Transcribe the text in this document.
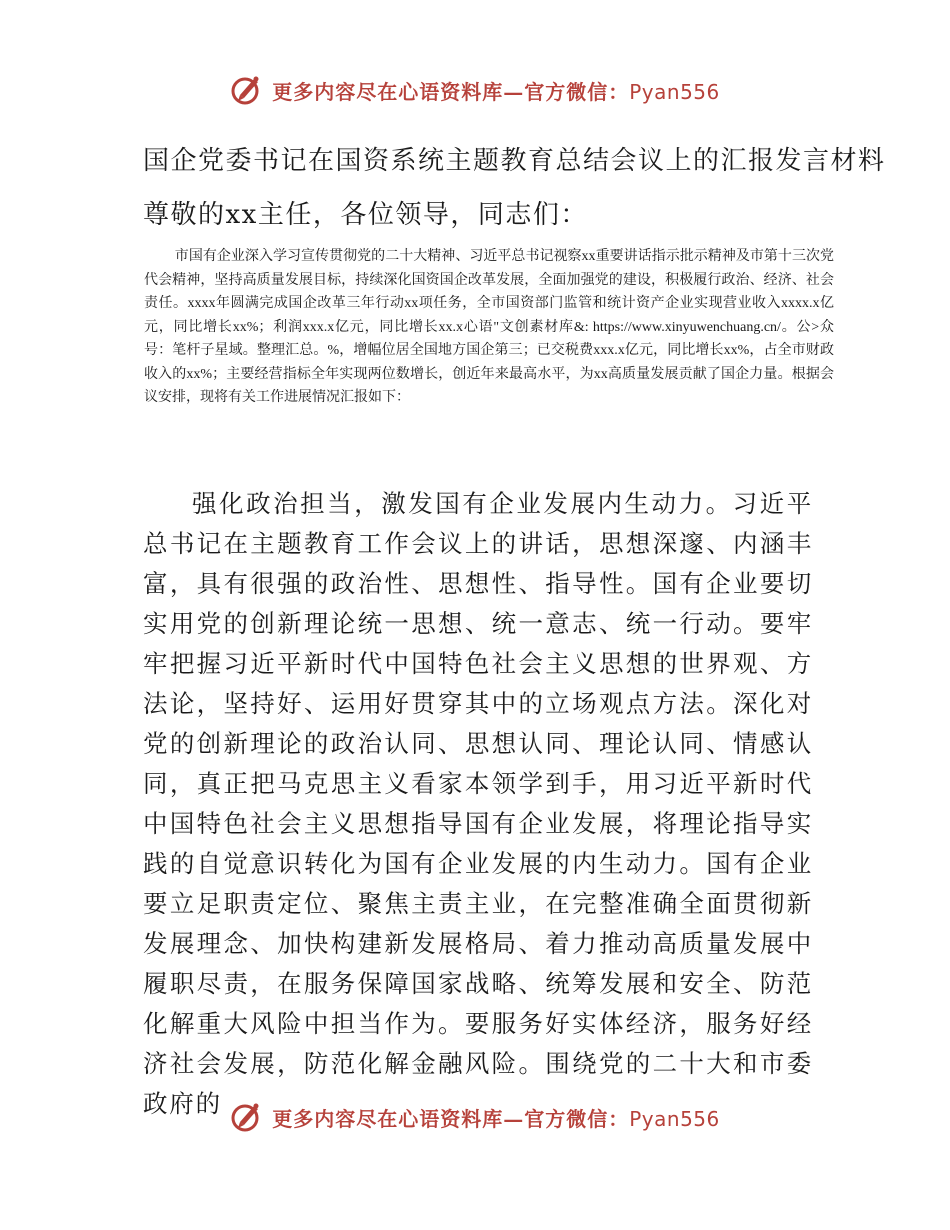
更多内容尽在心语资料库—官方微信：Pyan556
国企党委书记在国资系统主题教育总结会议上的汇报发言材料
尊敬的xx主任，各位领导，同志们：
市国有企业深入学习宣传贯彻党的二十大精神、习近平总书记视察xx重要讲话指示批示精神及市第十三次党代会精神，坚持高质量发展目标，持续深化国资国企改革发展，全面加强党的建设，积极履行政治、经济、社会责任。xxxx年圆满完成国企改革三年行动xx项任务，全市国资部门监管和统计资产企业实现营业收入xxxx.x亿元，同比增长xx%；利润xxx.x亿元，同比增长xx.x心语"文创素材库&: https://www.xinyuwenchuang.cn/。公>众号：笔杆子星域。整理汇总。%，增幅位居全国地方国企第三；已交税费xxx.x亿元，同比增长xx%，占全市财政收入的xx%；主要经营指标全年实现两位数增长，创近年来最高水平，为xx高质量发展贡献了国企力量。根据会议安排，现将有关工作进展情况汇报如下：
强化政治担当，激发国有企业发展内生动力。习近平总书记在主题教育工作会议上的讲话，思想深邃、内涵丰富，具有很强的政治性、思想性、指导性。国有企业要切实用党的创新理论统一思想、统一意志、统一行动。要牢牢把握习近平新时代中国特色社会主义思想的世界观、方法论，坚持好、运用好贯穿其中的立场观点方法。深化对党的创新理论的政治认同、思想认同、理论认同、情感认同，真正把马克思主义看家本领学到手，用习近平新时代中国特色社会主义思想指导国有企业发展，将理论指导实践的自觉意识转化为国有企业发展的内生动力。国有企业要立足职责定位、聚焦主责主业，在完整准确全面贯彻新发展理念、加快构建新发展格局、着力推动高质量发展中履职尽责，在服务保障国家战略、统筹发展和安全、防范化解重大风险中担当作为。要服务好实体经济，服务好经济社会发展，防范化解金融风险。围绕党的二十大和市委政府的
更多内容尽在心语资料库—官方微信：Pyan556
